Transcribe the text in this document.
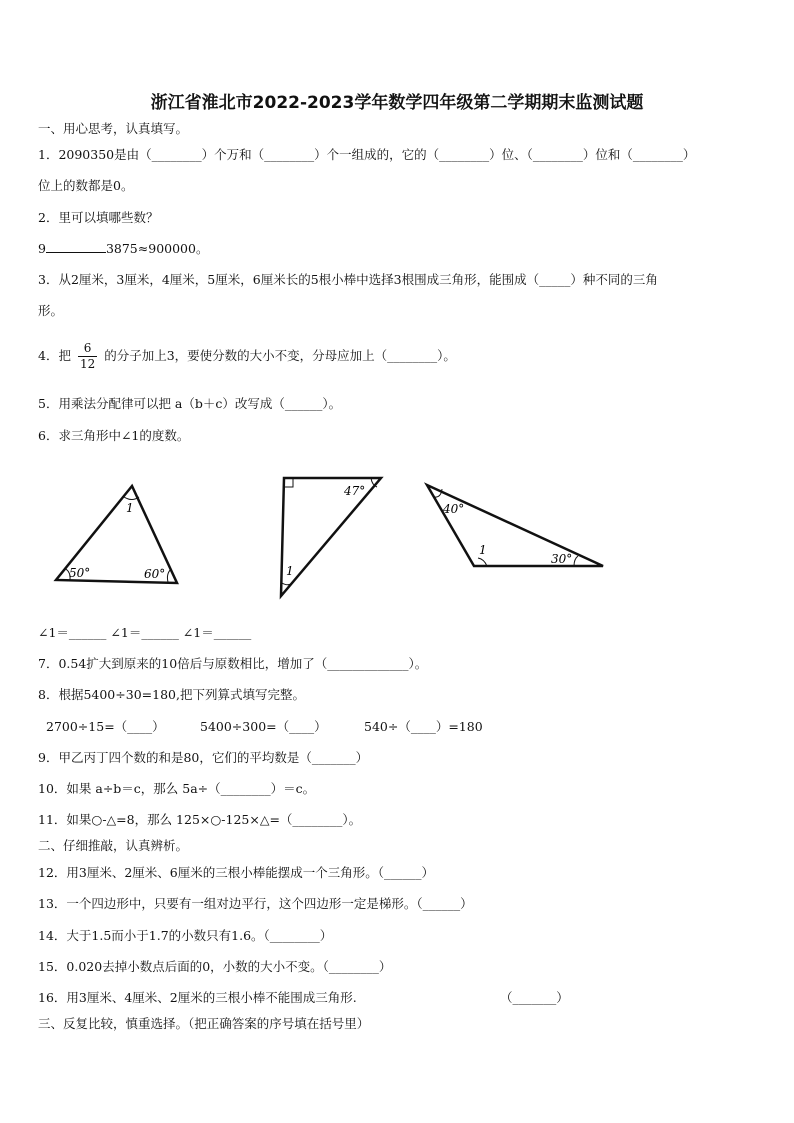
浙江省淮北市2022-2023学年数学四年级第二学期期末监测试题
一、用心思考，认真填写。
1．2090350是由（________）个万和（________）个一组成的，它的（________）位、（________）位和（________）
位上的数都是0。
2．里可以填哪些数？
9	3875≈900000。
3．从2厘米，3厘米，4厘米，5厘米，6厘米长的5根小棒中选择3根围成三角形，能围成（_____）种不同的三角
形。
4．把 $\frac{6}{12}$ 的分子加上3，要使分数的大小不变，分母应加上（________）。
5．用乘法分配律可以把 a（b＋c）改写成（______）。
6．求三角形中∠1的度数。
1
50°	60°
47°
1
40°
1
30°
∠1＝______ ∠1＝______ ∠1＝______
7．0.54扩大到原来的10倍后与原数相比，增加了（_____________）。
8．根据5400÷30=180,把下列算式填写完整。
2700÷15=（____）	5400÷300=（____）	540÷（____）=180
9．甲乙丙丁四个数的和是80，它们的平均数是（_______）
10．如果 a÷b＝c，那么 5a÷（________）＝c。
11．如果○-△=8，那么 125×○-125×△=（________）。
二、仔细推敲，认真辨析。
12．用3厘米、2厘米、6厘米的三根小棒能摆成一个三角形。（______）
13．一个四边形中，只要有一组对边平行，这个四边形一定是梯形。（______）
14．大于1.5而小于1.7的小数只有1.6。（________）
15．0.020去掉小数点后面的0，小数的大小不变。（________）
16．用3厘米、4厘米、2厘米的三根小棒不能围成三角形.	（_______）
三、反复比较，慎重选择。（把正确答案的序号填在括号里）
